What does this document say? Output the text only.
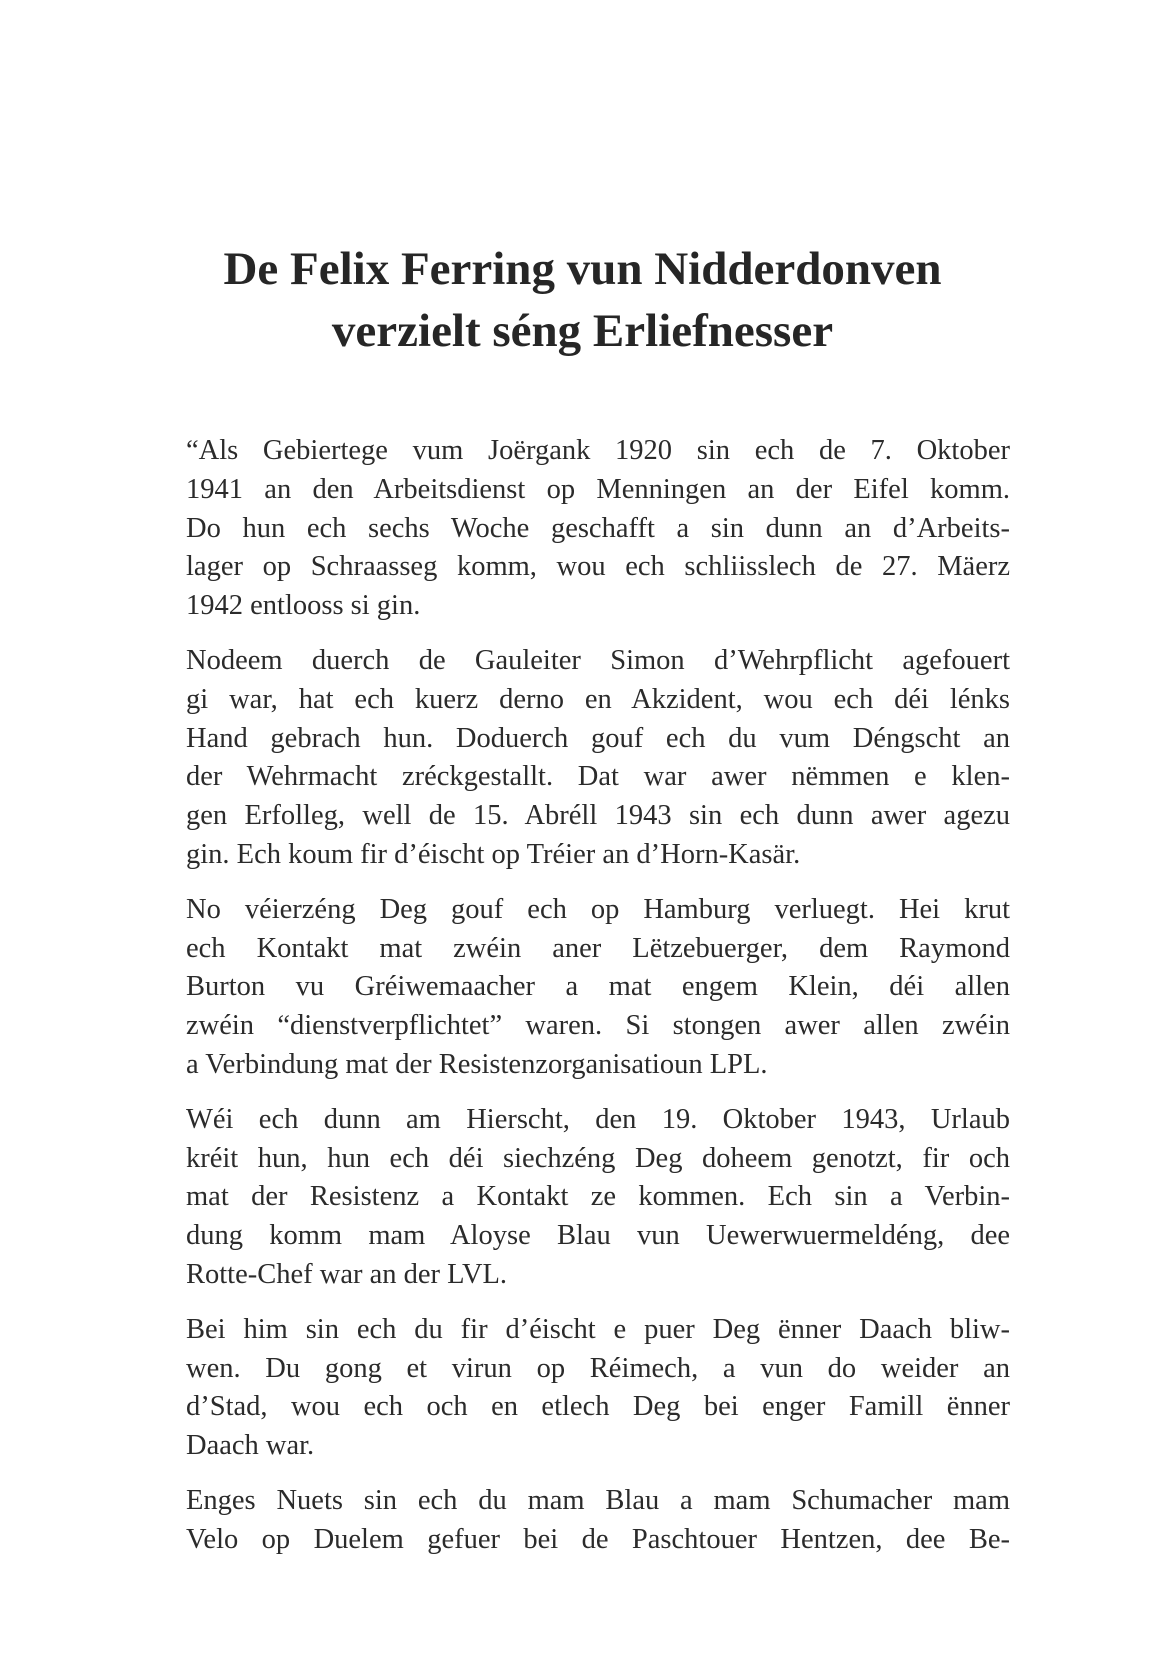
De Felix Ferring vun Nidderdonven
verzielt séng Erliefnesser
“Als Gebiertege vum Joërgank 1920 sin ech de 7. Oktober
1941 an den Arbeitsdienst op Menningen an der Eifel komm.
Do hun ech sechs Woche geschafft a sin dunn an d’Arbeits-
lager op Schraasseg komm, wou ech schliisslech de 27. Mäerz
1942 entlooss si gin.
Nodeem duerch de Gauleiter Simon d’Wehrpflicht agefouert
gi war, hat ech kuerz derno en Akzident, wou ech déi lénks
Hand gebrach hun. Doduerch gouf ech du vum Déngscht an
der Wehrmacht zréckgestallt. Dat war awer nëmmen e klen-
gen Erfolleg, well de 15. Abréll 1943 sin ech dunn awer agezu
gin. Ech koum fir d’éischt op Tréier an d’Horn-Kasär.
No véierzéng Deg gouf ech op Hamburg verluegt. Hei krut
ech Kontakt mat zwéin aner Lëtzebuerger, dem Raymond
Burton vu Gréiwemaacher a mat engem Klein, déi allen
zwéin “dienstverpflichtet” waren. Si stongen awer allen zwéin
a Verbindung mat der Resistenzorganisatioun LPL.
Wéi ech dunn am Hierscht, den 19. Oktober 1943, Urlaub
kréit hun, hun ech déi siechzéng Deg doheem genotzt, fir och
mat der Resistenz a Kontakt ze kommen. Ech sin a Verbin-
dung komm mam Aloyse Blau vun Uewerwuermeldéng, dee
Rotte-Chef war an der LVL.
Bei him sin ech du fir d’éischt e puer Deg ënner Daach bliw-
wen. Du gong et virun op Réimech, a vun do weider an
d’Stad, wou ech och en etlech Deg bei enger Famill ënner
Daach war.
Enges Nuets sin ech du mam Blau a mam Schumacher mam
Velo op Duelem gefuer bei de Paschtouer Hentzen, dee Be-
